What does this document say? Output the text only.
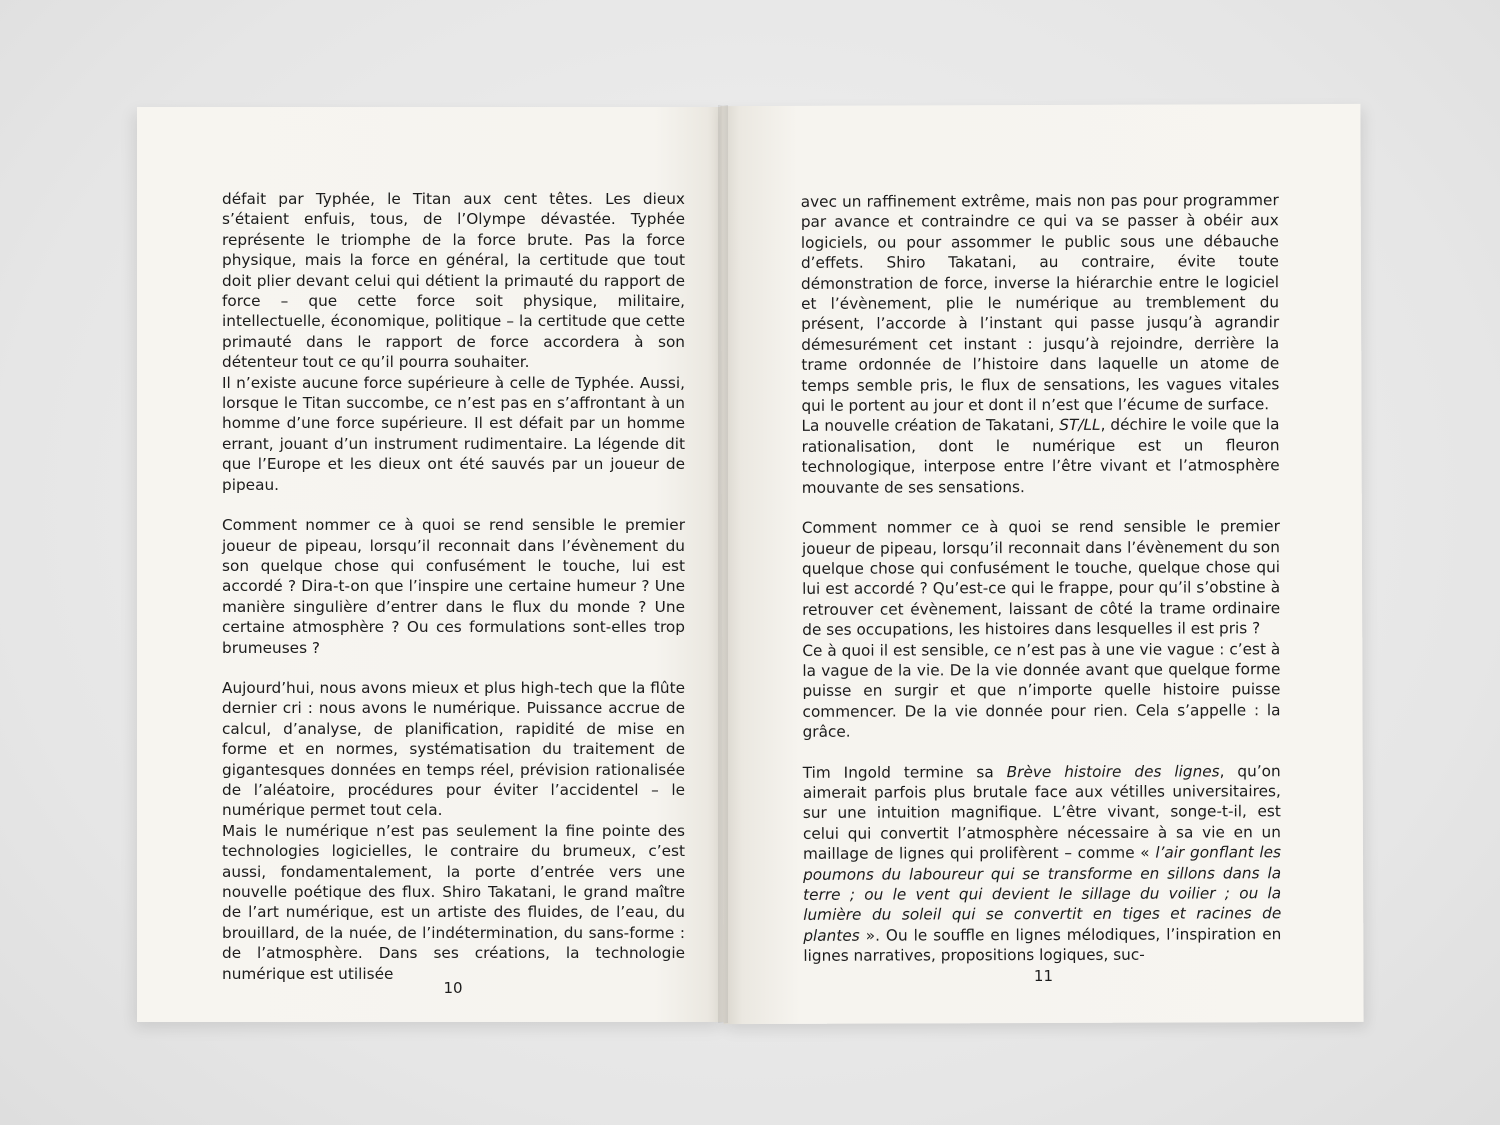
défait par Typhée, le Titan aux cent têtes. Les dieux s’étaient enfuis, tous, de l’Olympe dévastée. Typhée représente le triomphe de la force brute. Pas la force physique, mais la force en général, la certitude que tout doit plier devant celui qui détient la primauté du rapport de force – que cette force soit physique, militaire, intellectuelle, économique, politique – la certitude que cette primauté dans le rapport de force accordera à son détenteur tout ce qu’il pourra souhaiter.

Il n’existe aucune force supérieure à celle de Typhée. Aussi, lorsque le Titan succombe, ce n’est pas en s’affrontant à un homme d’une force supérieure. Il est défait par un homme errant, jouant d’un instrument rudimentaire. La légende dit que l’Europe et les dieux ont été sauvés par un joueur de pipeau.

Comment nommer ce à quoi se rend sensible le premier joueur de pipeau, lorsqu’il reconnait dans l’évènement du son quelque chose qui confusément le touche, lui est accordé ? Dira-t-on que l’inspire une certaine humeur ? Une manière singulière d’entrer dans le flux du monde ? Une certaine atmosphère ? Ou ces formulations sont-elles trop brumeuses ?

Aujourd’hui, nous avons mieux et plus high-tech que la flûte dernier cri : nous avons le numérique. Puissance accrue de calcul, d’analyse, de planification, rapidité de mise en forme et en normes, systématisation du traitement de gigantesques données en temps réel, prévision rationalisée de l’aléatoire, procédures pour éviter l’accidentel – le numérique permet tout cela.

Mais le numérique n’est pas seulement la fine pointe des technologies logicielles, le contraire du brumeux, c’est aussi, fondamentalement, la porte d’entrée vers une nouvelle poétique des flux. Shiro Takatani, le grand maître de l’art numérique, est un artiste des fluides, de l’eau, du brouillard, de la nuée, de l’indétermination, du sans-forme : de l’atmosphère. Dans ses créations, la technologie numérique est utilisée

10

avec un raffinement extrême, mais non pas pour programmer par avance et contraindre ce qui va se passer à obéir aux logiciels, ou pour assommer le public sous une débauche d’effets. Shiro Takatani, au contraire, évite toute démonstration de force, inverse la hiérarchie entre le logiciel et l’évènement, plie le numérique au tremblement du présent, l’accorde à l’instant qui passe jusqu’à agrandir démesurément cet instant : jusqu’à rejoindre, derrière la trame ordonnée de l’histoire dans laquelle un atome de temps semble pris, le flux de sensations, les vagues vitales qui le portent au jour et dont il n’est que l’écume de surface.

La nouvelle création de Takatani, ST/LL, déchire le voile que la rationalisation, dont le numérique est un fleuron technologique, interpose entre l’être vivant et l’atmosphère mouvante de ses sensations.

Comment nommer ce à quoi se rend sensible le premier joueur de pipeau, lorsqu’il reconnait dans l’évènement du son quelque chose qui confusément le touche, quelque chose qui lui est accordé ? Qu’est-ce qui le frappe, pour qu’il s’obstine à retrouver cet évènement, laissant de côté la trame ordinaire de ses occupations, les histoires dans lesquelles il est pris ?

Ce à quoi il est sensible, ce n’est pas à une vie vague : c’est à la vague de la vie. De la vie donnée avant que quelque forme puisse en surgir et que n’importe quelle histoire puisse commencer. De la vie donnée pour rien. Cela s’appelle : la grâce.

Tim Ingold termine sa Brève histoire des lignes, qu’on aimerait parfois plus brutale face aux vétilles universitaires, sur une intuition magnifique. L’être vivant, songe-t-il, est celui qui convertit l’atmosphère nécessaire à sa vie en un maillage de lignes qui prolifèrent – comme « l’air gonflant les poumons du laboureur qui se transforme en sillons dans la terre ; ou le vent qui devient le sillage du voilier ; ou la lumière du soleil qui se convertit en tiges et racines de plantes ». Ou le souffle en lignes mélodiques, l’inspiration en lignes narratives, propositions logiques, suc-

11
